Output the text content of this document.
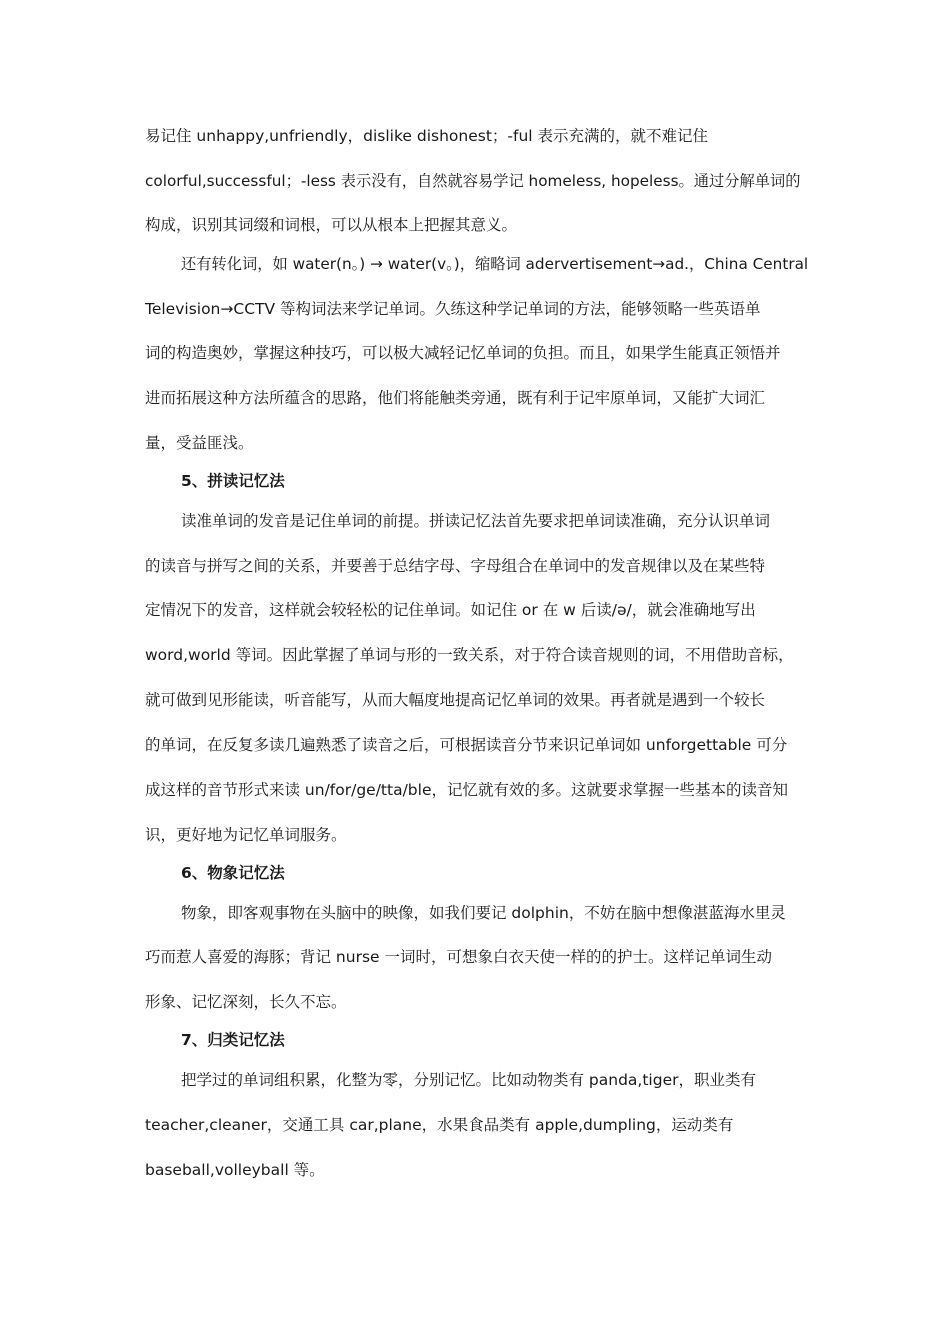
易记住 unhappy,unfriendly，dislike dishonest；-ful 表示充满的，就不难记住
colorful,successful；-less 表示没有，自然就容易学记 homeless, hopeless。通过分解单词的
构成，识别其词缀和词根，可以从根本上把握其意义。
还有转化词，如 water(n。) → water(v。)，缩略词 adervertisement→ad.，China Central
Television→CCTV 等构词法来学记单词。久练这种学记单词的方法，能够领略一些英语单
词的构造奥妙，掌握这种技巧，可以极大减轻记忆单词的负担。而且，如果学生能真正领悟并
进而拓展这种方法所蕴含的思路，他们将能触类旁通，既有利于记牢原单词，又能扩大词汇
量，受益匪浅。
5、拼读记忆法
读准单词的发音是记住单词的前提。拼读记忆法首先要求把单词读准确，充分认识单词
的读音与拼写之间的关系，并要善于总结字母、字母组合在单词中的发音规律以及在某些特
定情况下的发音，这样就会较轻松的记住单词。如记住 or 在 w 后读/ə/，就会准确地写出
word,world 等词。因此掌握了单词与形的一致关系，对于符合读音规则的词，不用借助音标，
就可做到见形能读，听音能写，从而大幅度地提高记忆单词的效果。再者就是遇到一个较长
的单词，在反复多读几遍熟悉了读音之后，可根据读音分节来识记单词如 unforgettable 可分
成这样的音节形式来读 un/for/ge/tta/ble，记忆就有效的多。这就要求掌握一些基本的读音知
识，更好地为记忆单词服务。
6、物象记忆法
物象，即客观事物在头脑中的映像，如我们要记 dolphin，不妨在脑中想像湛蓝海水里灵
巧而惹人喜爱的海豚；背记 nurse 一词时，可想象白衣天使一样的的护士。这样记单词生动
形象、记忆深刻，长久不忘。
7、归类记忆法
把学过的单词组积累，化整为零，分别记忆。比如动物类有 panda,tiger，职业类有
teacher,cleaner，交通工具 car,plane，水果食品类有 apple,dumpling，运动类有
baseball,volleyball 等。
